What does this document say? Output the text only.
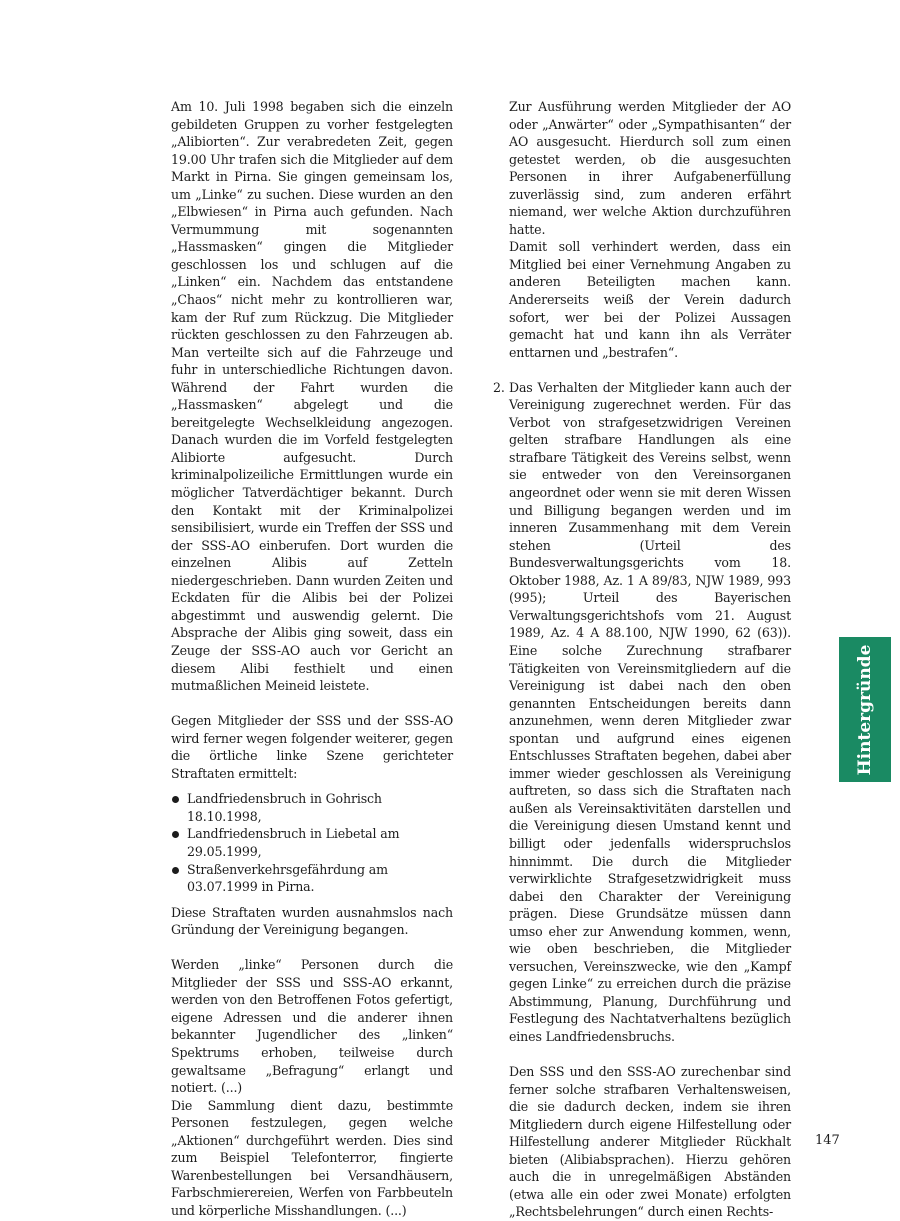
Am 10. Juli 1998 begaben sich die einzeln gebildeten Gruppen zu vorher festgelegten „Alibiorten“. Zur verabredeten Zeit, gegen 19.00 Uhr trafen sich die Mitglieder auf dem Markt in Pirna. Sie gingen gemeinsam los, um „Linke“ zu suchen. Diese wurden an den „Elbwiesen“ in Pirna auch gefunden. Nach Vermummung mit sogenannten „Hassmasken“ gingen die Mitglieder geschlossen los und schlugen auf die „Linken“ ein. Nachdem das entstandene „Chaos“ nicht mehr zu kontrollieren war, kam der Ruf zum Rückzug. Die Mitglieder rückten geschlossen zu den Fahrzeugen ab. Man verteilte sich auf die Fahrzeuge und fuhr in unterschiedliche Richtungen davon. Während der Fahrt wurden die „Hassmasken“ abgelegt und die bereitgelegte Wechselkleidung angezogen. Danach wurden die im Vorfeld festgelegten Alibiorte aufgesucht. Durch kriminalpolizeiliche Ermittlungen wurde ein möglicher Tatverdächtiger bekannt. Durch den Kontakt mit der Kriminalpolizei sensibilisiert, wurde ein Treffen der SSS und der SSS-AO einberufen. Dort wurden die einzelnen Alibis auf Zetteln niedergeschrieben. Dann wurden Zeiten und Eckdaten für die Alibis bei der Polizei abgestimmt und auswendig gelernt. Die Absprache der Alibis ging soweit, dass ein Zeuge der SSS-AO auch vor Gericht an diesem Alibi festhielt und einen mutmaßlichen Meineid leistete.

Gegen Mitglieder der SSS und der SSS-AO wird ferner wegen folgender weiterer, gegen die örtliche linke Szene gerichteter Straftaten ermittelt:

Landfriedensbruch in Gohrisch 18.10.1998,
Landfriedensbruch in Liebetal am 29.05.1999,
Straßenverkehrsgefährdung am 03.07.1999 in Pirna.

Diese Straftaten wurden ausnahmslos nach Gründung der Vereinigung begangen.

Werden „linke“ Personen durch die Mitglieder der SSS und SSS-AO erkannt, werden von den Betroffenen Fotos gefertigt, eigene Adressen und die anderer ihnen bekannter Jugendlicher des „linken“ Spektrums erhoben, teilweise durch gewaltsame „Befragung“ erlangt und notiert. (...)

Die Sammlung dient dazu, bestimmte Personen festzulegen, gegen welche „Aktionen“ durchgeführt werden. Dies sind zum Beispiel Telefonterror, fingierte Warenbestellungen bei Versandhäusern, Farbschmierereien, Werfen von Farbbeuteln und körperliche Misshandlungen. (...)

Zur Ausführung werden Mitglieder der AO oder „Anwärter“ oder „Sympathisanten“ der AO ausgesucht. Hierdurch soll zum einen getestet werden, ob die ausgesuchten Personen in ihrer Aufgabenerfüllung zuverlässig sind, zum anderen erfährt niemand, wer welche Aktion durchzuführen hatte.

Damit soll verhindert werden, dass ein Mitglied bei einer Vernehmung Angaben zu anderen Beteiligten machen kann. Andererseits weiß der Verein dadurch sofort, wer bei der Polizei Aussagen gemacht hat und kann ihn als Verräter enttarnen und „bestrafen“.

2. Das Verhalten der Mitglieder kann auch der Vereinigung zugerechnet werden. Für das Verbot von strafgesetzwidrigen Vereinen gelten strafbare Handlungen als eine strafbare Tätigkeit des Vereins selbst, wenn sie entweder von den Vereinsorganen angeordnet oder wenn sie mit deren Wissen und Billigung begangen werden und im inneren Zusammenhang mit dem Verein stehen (Urteil des Bundesverwaltungsgerichts vom 18. Oktober 1988, Az. 1 A 89/83, NJW 1989, 993 (995); Urteil des Bayerischen Verwaltungsgerichtshofs vom 21. August 1989, Az. 4 A 88.100, NJW 1990, 62 (63)). Eine solche Zurechnung strafbarer Tätigkeiten von Vereinsmitgliedern auf die Vereinigung ist dabei nach den oben genannten Entscheidungen bereits dann anzunehmen, wenn deren Mitglieder zwar spontan und aufgrund eines eigenen Entschlusses Straftaten begehen, dabei aber immer wieder geschlossen als Vereinigung auftreten, so dass sich die Straftaten nach außen als Vereinsaktivitäten darstellen und die Vereinigung diesen Umstand kennt und billigt oder jedenfalls widerspruchslos hinnimmt. Die durch die Mitglieder verwirklichte Strafgesetzwidrigkeit muss dabei den Charakter der Vereinigung prägen. Diese Grundsätze müssen dann umso eher zur Anwendung kommen, wenn, wie oben beschrieben, die Mitglieder versuchen, Vereinszwecke, wie den „Kampf gegen Linke“ zu erreichen durch die präzise Abstimmung, Planung, Durchführung und Festlegung des Nachtatverhaltens bezüglich eines Landfriedensbruchs.

Den SSS und den SSS-AO zurechenbar sind ferner solche strafbaren Verhaltensweisen, die sie dadurch decken, indem sie ihren Mitgliedern durch eigene Hilfestellung oder Hilfestellung anderer Mitglieder Rückhalt bieten (Alibiabsprachen). Hierzu gehören auch die in unregelmäßigen Abständen (etwa alle ein oder zwei Monate) erfolgten „Rechtsbelehrungen“ durch einen Rechts-

Hintergründe
147
